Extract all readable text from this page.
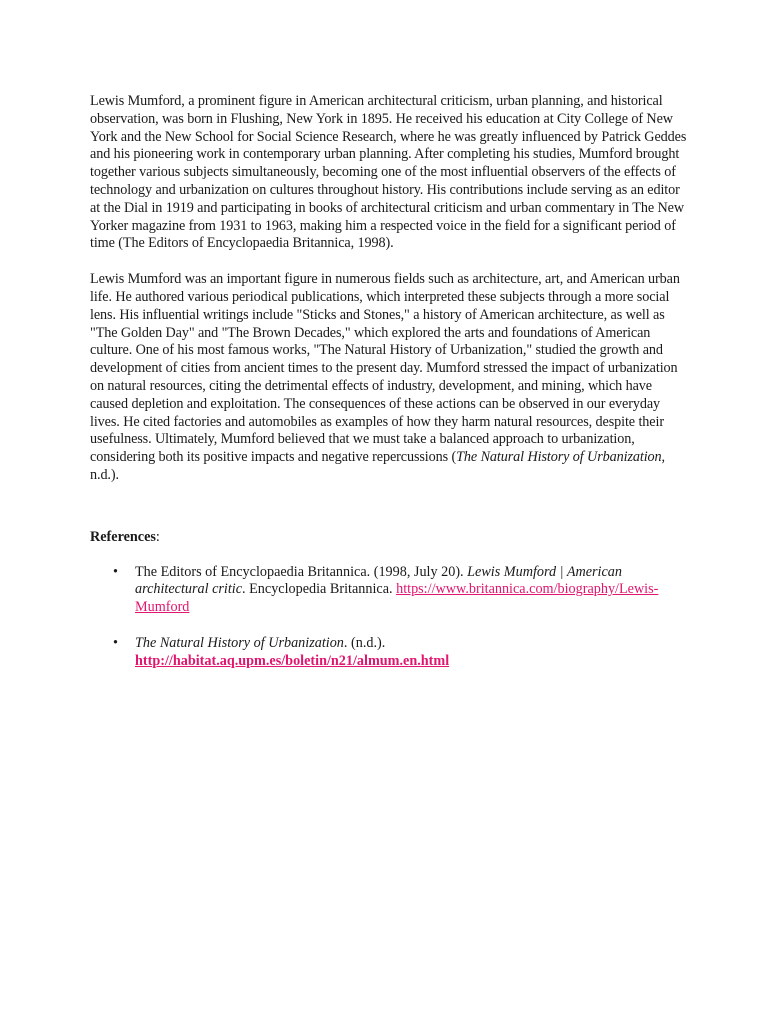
Lewis Mumford, a prominent figure in American architectural criticism, urban planning, and historical observation, was born in Flushing, New York in 1895. He received his education at City College of New York and the New School for Social Science Research, where he was greatly influenced by Patrick Geddes and his pioneering work in contemporary urban planning. After completing his studies, Mumford brought together various subjects simultaneously, becoming one of the most influential observers of the effects of technology and urbanization on cultures throughout history. His contributions include serving as an editor at the Dial in 1919 and participating in books of architectural criticism and urban commentary in The New Yorker magazine from 1931 to 1963, making him a respected voice in the field for a significant period of time (The Editors of Encyclopaedia Britannica, 1998).

Lewis Mumford was an important figure in numerous fields such as architecture, art, and American urban life. He authored various periodical publications, which interpreted these subjects through a more social lens. His influential writings include "Sticks and Stones," a history of American architecture, as well as "The Golden Day" and "The Brown Decades," which explored the arts and foundations of American culture. One of his most famous works, "The Natural History of Urbanization," studied the growth and development of cities from ancient times to the present day. Mumford stressed the impact of urbanization on natural resources, citing the detrimental effects of industry, development, and mining, which have caused depletion and exploitation. The consequences of these actions can be observed in our everyday lives. He cited factories and automobiles as examples of how they harm natural resources, despite their usefulness. Ultimately, Mumford believed that we must take a balanced approach to urbanization, considering both its positive impacts and negative repercussions (The Natural History of Urbanization, n.d.).

References:

• The Editors of Encyclopaedia Britannica. (1998, July 20). Lewis Mumford | American architectural critic. Encyclopedia Britannica. https://www.britannica.com/biography/Lewis-Mumford
• The Natural History of Urbanization. (n.d.). http://habitat.aq.upm.es/boletin/n21/almum.en.html
